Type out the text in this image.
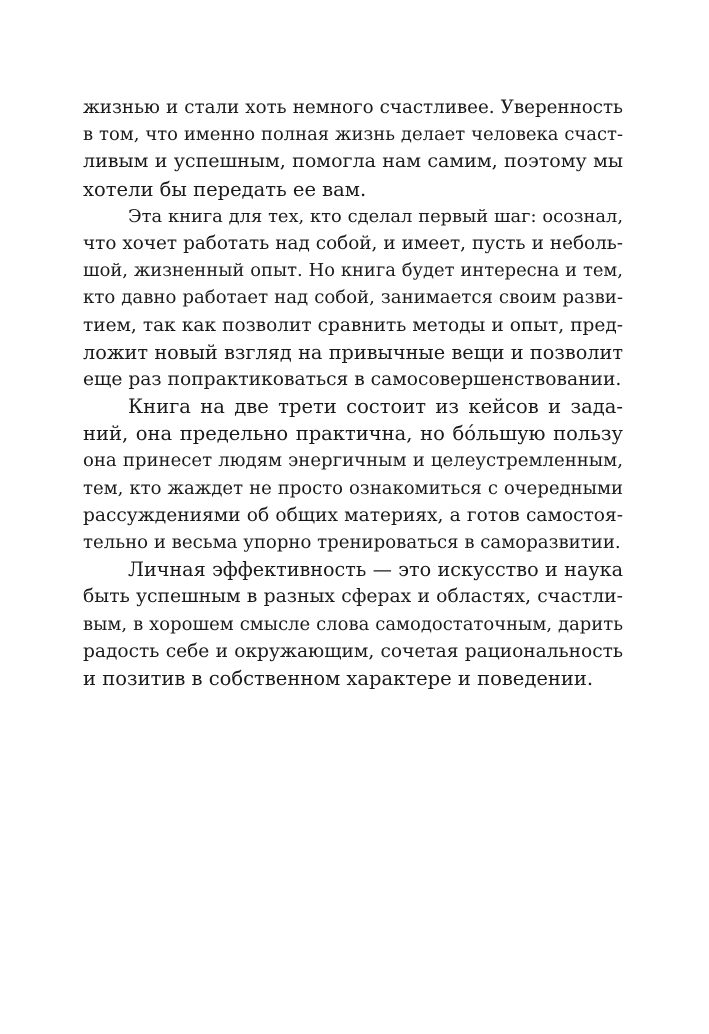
жизнью и стали хоть немного счастливее. Уверенность
в том, что именно полная жизнь делает человека счаст-
ливым и успешным, помогла нам самим, поэтому мы
хотели бы передать ее вам.
Эта книга для тех, кто сделал первый шаг: осознал,
что хочет работать над собой, и имеет, пусть и неболь-
шой, жизненный опыт. Но книга будет интересна и тем,
кто давно работает над собой, занимается своим разви-
тием, так как позволит сравнить методы и опыт, пред-
ложит новый взгляд на привычные вещи и позволит
еще раз попрактиковаться в самосовершенствовании.
Книга на две трети состоит из кейсов и зада-
ний, она предельно практична, но бóльшую пользу
она принесет людям энергичным и целеустремленным,
тем, кто жаждет не просто ознакомиться с очередными
рассуждениями об общих материях, а готов самостоя-
тельно и весьма упорно тренироваться в саморазвитии.
Личная эффективность — это искусство и наука
быть успешным в разных сферах и областях, счастли-
вым, в хорошем смысле слова самодостаточным, дарить
радость себе и окружающим, сочетая рациональность
и позитив в собственном характере и поведении.
